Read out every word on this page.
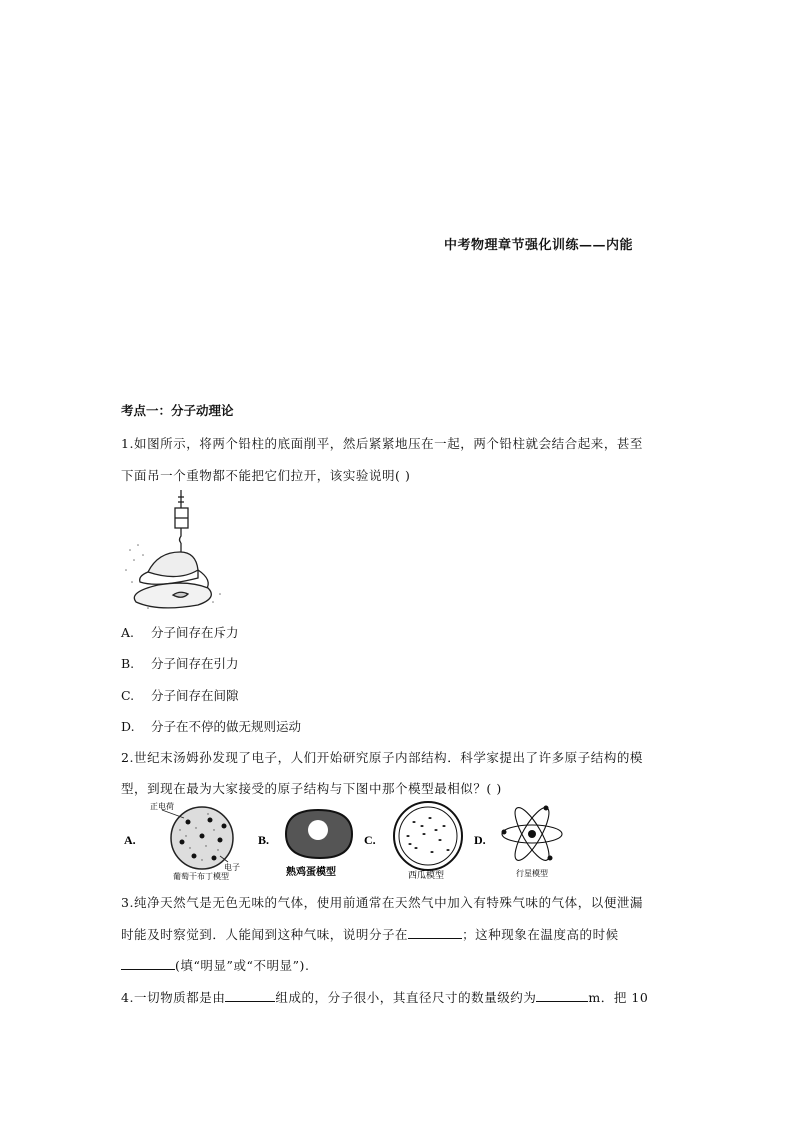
中考物理章节强化训练——内能
考点一：分子动理论
1.如图所示，将两个铅柱的底面削平，然后紧紧地压在一起，两个铅柱就会结合起来，甚至
下面吊一个重物都不能把它们拉开，该实验说明( )
A. 分子间存在斥力
B. 分子间存在引力
C. 分子间存在间隙
D. 分子在不停的做无规则运动
2.世纪末汤姆孙发现了电子，人们开始研究原子内部结构．科学家提出了许多原子结构的模
型，到现在最为大家接受的原子结构与下图中那个模型最相似？( )
A.
正电荷
电子
葡萄干布丁模型
B.
熟鸡蛋模型
C.
西瓜模型
D.
行星模型
3.纯净天然气是无色无味的气体，使用前通常在天然气中加入有特殊气味的气体，以便泄漏
时能及时察觉到．人能闻到这种气味，说明分子在	；这种现象在温度高的时候
(填“明显”或“不明显”).
4.一切物质都是由	组成的，分子很小，其直径尺寸的数量级约为	m．把 10
